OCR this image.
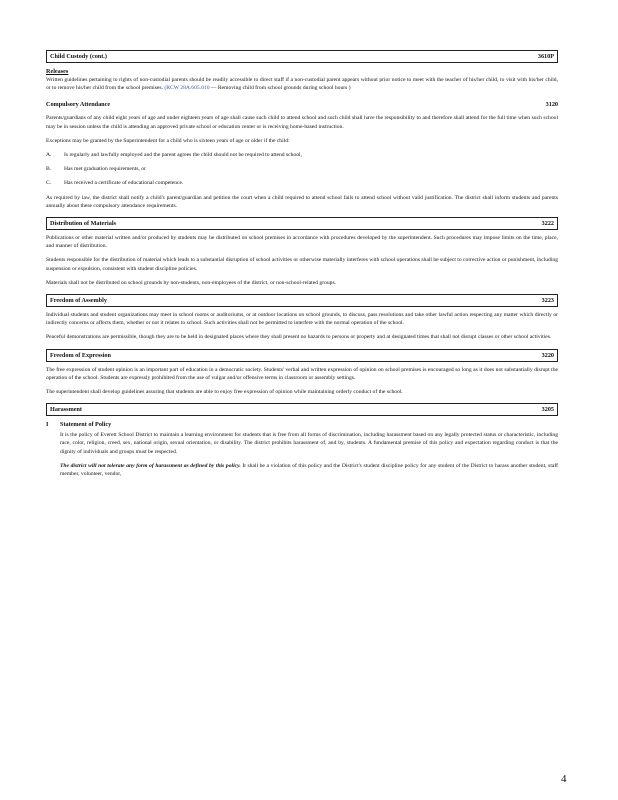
Child Custody (cont.)	3610P
Releases

Written guidelines pertaining to rights of non-custodial parents should be readily accessible to direct staff if a non-custodial parent appears without prior notice to meet with the teacher of his/her child, to visit with his/her child, or to remove his/her child from the school premises. (RCW 28A.605.010 — Removing child from school grounds during school hours )

Compulsory Attendance	3120

Parents/guardians of any child eight years of age and under eighteen years of age shall cause such child to attend school and such child shall have the responsibility to and therefore shall attend for the full time when such school may be in session unless the child is attending an approved private school or education center or is receiving home-based instruction.

Exceptions may be granted by the Superintendent for a child who is sixteen years of age or older if the child:

A.	Is regularly and lawfully employed and the parent agrees the child should not be required to attend school,
B.	Has met graduation requirements, or
C.	Has received a certificate of educational competence.

As required by law, the district shall notify a child's parent/guardian and petition the court when a child required to attend school fails to attend school without valid justification. The district shall inform students and parents annually about these compulsory attendance requirements.

Distribution of Materials	3222

Publications or other material written and/or produced by students may be distributed on school premises in accordance with procedures developed by the superintendent. Such procedures may impose limits on the time, place, and manner of distribution.

Students responsible for the distribution of material which leads to a substantial disruption of school activities or otherwise materially interferes with school operations shall be subject to corrective action or punishment, including suspension or expulsion, consistent with student discipline policies.

Materials shall not be distributed on school grounds by non-students, non-employees of the district, or non-school-related groups.

Freedom of Assembly	3223

Individual students and student organizations may meet in school rooms or auditoriums, or at outdoor locations on school grounds, to discuss, pass resolutions and take other lawful action respecting any matter which directly or indirectly concerns or affects them, whether or not it relates to school. Such activities shall not be permitted to interfere with the normal operation of the school.

Peaceful demonstrations are permissible, though they are to be held in designated places where they shall present no hazards to persons or property and at designated times that shall not disrupt classes or other school activities.

Freedom of Expression	3220

The free expression of student opinion is an important part of education in a democratic society. Students' verbal and written expression of opinion on school premises is encouraged so long as it does not substantially disrupt the operation of the school. Students are expressly prohibited from the use of vulgar and/or offensive terms in classroom or assembly settings.

The superintendent shall develop guidelines assuring that students are able to enjoy free expression of opinion while maintaining orderly conduct of the school.

Harassment	3205
I	Statement of Policy

It is the policy of Everett School District to maintain a learning environment for students that is free from all forms of discrimination, including harassment based on any legally protected status or characteristic, including race, color, religion, creed, sex, national origin, sexual orientation, or disability. The district prohibits harassment of, and by, students. A fundamental premise of this policy and expectation regarding conduct is that the dignity of individuals and groups must be respected.

The district will not tolerate any form of harassment as defined by this policy. It shall be a violation of this policy and the District's student discipline policy for any student of the District to harass another student, staff member, volunteer, vendor,

4
